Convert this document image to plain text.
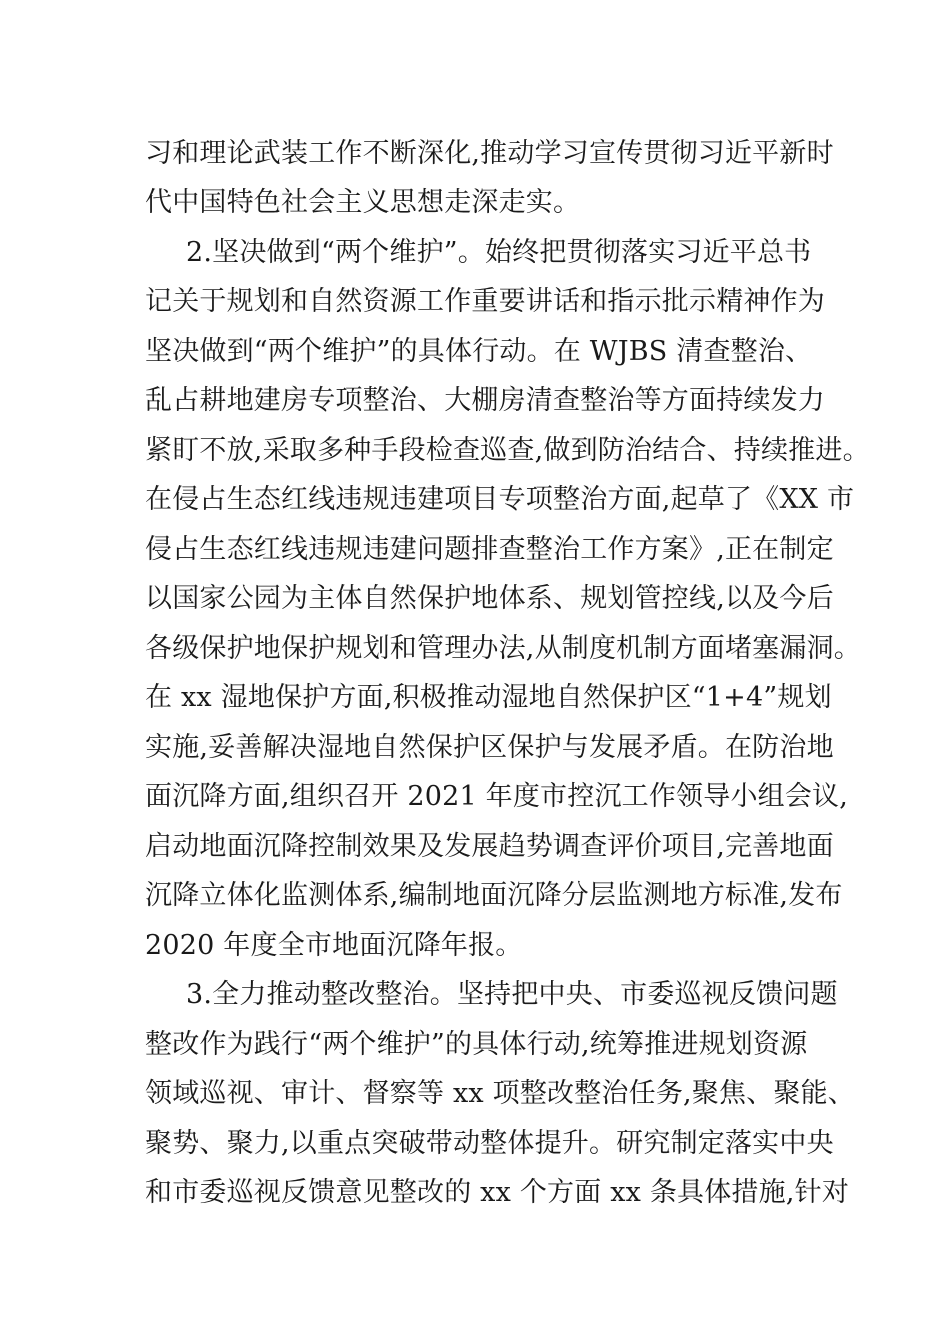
习和理论武装工作不断深化,推动学习宣传贯彻习近平新时
代中国特色社会主义思想走深走实。
2.坚决做到“两个维护”。始终把贯彻落实习近平总书
记关于规划和自然资源工作重要讲话和指示批示精神作为
坚决做到“两个维护”的具体行动。在 WJBS 清查整治、
乱占耕地建房专项整治、大棚房清查整治等方面持续发力
紧盯不放,采取多种手段检查巡查,做到防治结合、持续推进。
在侵占生态红线违规违建项目专项整治方面,起草了《XX 市
侵占生态红线违规违建问题排查整治工作方案》,正在制定
以国家公园为主体自然保护地体系、规划管控线,以及今后
各级保护地保护规划和管理办法,从制度机制方面堵塞漏洞。
在 xx 湿地保护方面,积极推动湿地自然保护区“1+4”规划
实施,妥善解决湿地自然保护区保护与发展矛盾。在防治地
面沉降方面,组织召开 2021 年度市控沉工作领导小组会议,
启动地面沉降控制效果及发展趋势调查评价项目,完善地面
沉降立体化监测体系,编制地面沉降分层监测地方标准,发布
2020 年度全市地面沉降年报。
3.全力推动整改整治。坚持把中央、市委巡视反馈问题
整改作为践行“两个维护”的具体行动,统筹推进规划资源
领域巡视、审计、督察等 xx 项整改整治任务,聚焦、聚能、
聚势、聚力,以重点突破带动整体提升。研究制定落实中央
和市委巡视反馈意见整改的 xx 个方面 xx 条具体措施,针对
